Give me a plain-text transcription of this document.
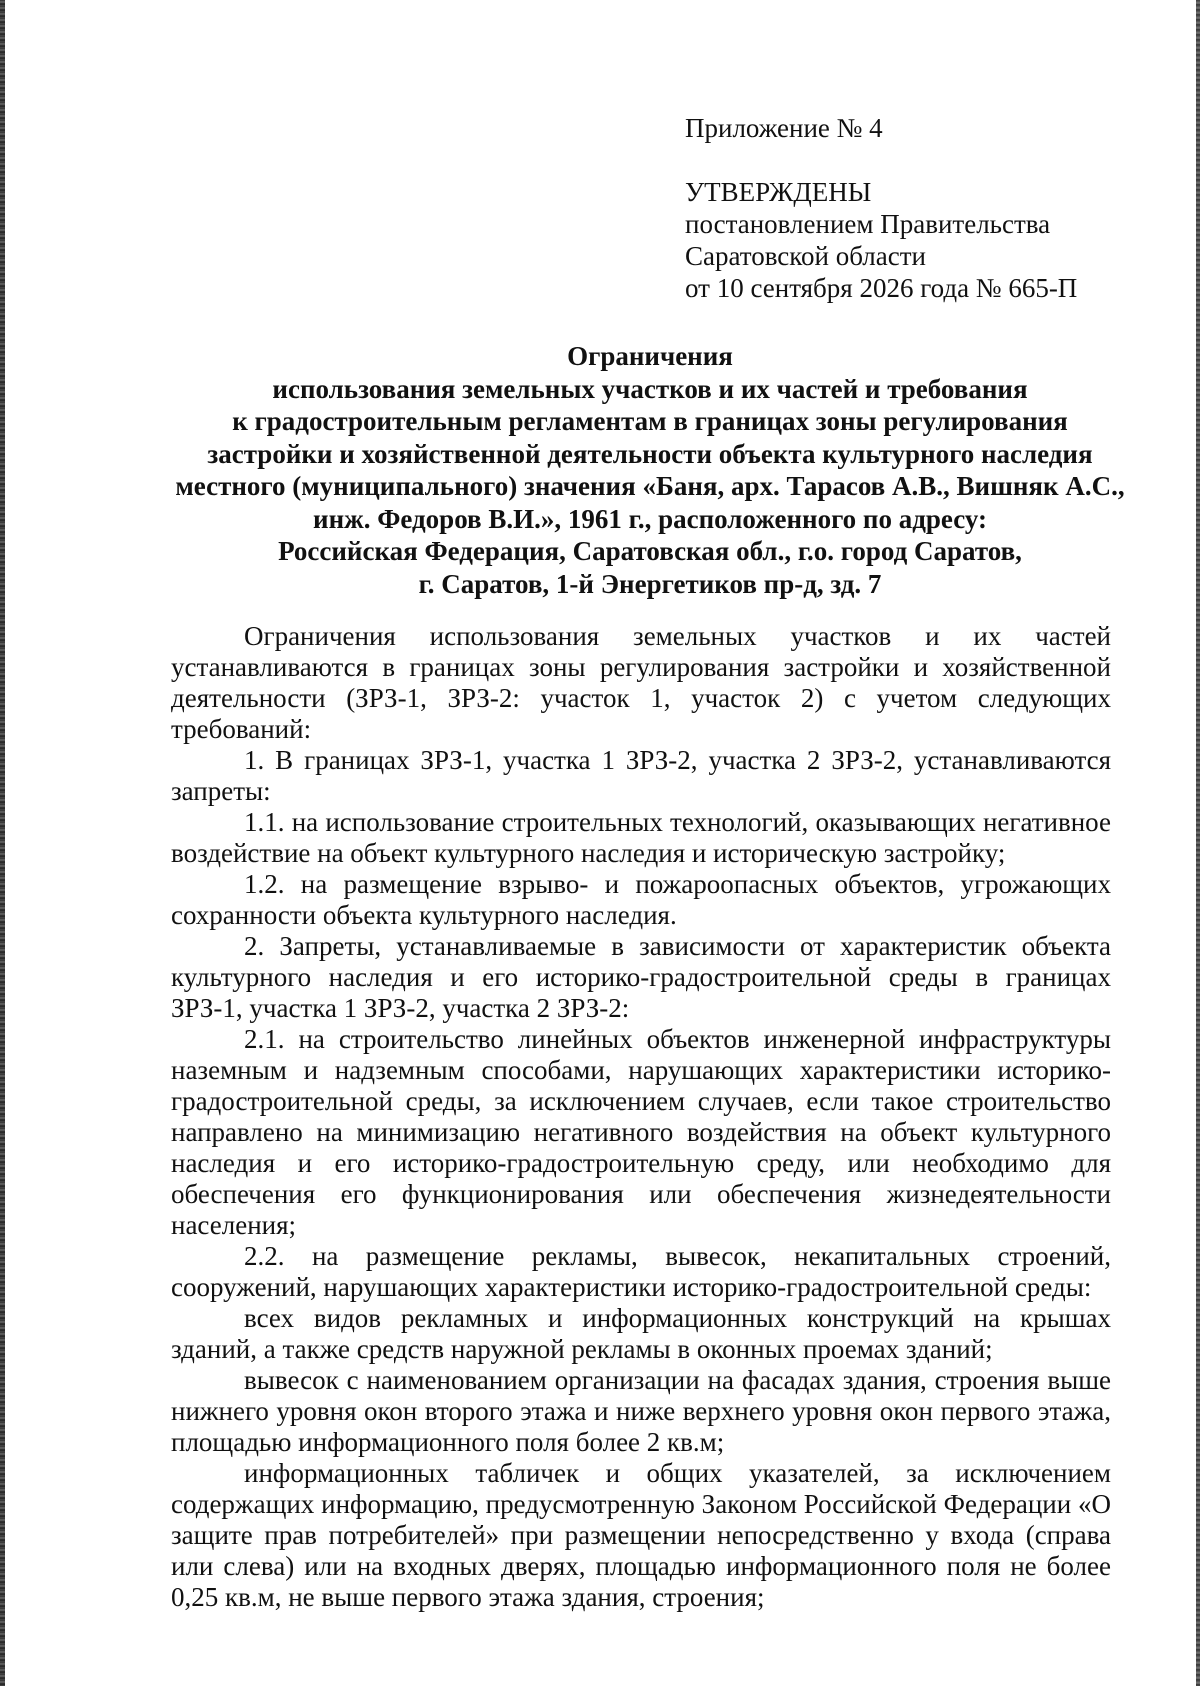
Приложение № 4
УТВЕРЖДЕНЫ
постановлением Правительства
Саратовской области
от 10 сентября 2026 года № 665-П
Ограничения
использования земельных участков и их частей и требования
к градостроительным регламентам в границах зоны регулирования
застройки и хозяйственной деятельности объекта культурного наследия
местного (муниципального) значения «Баня, арх. Тарасов А.В., Вишняк А.С.,
инж. Федоров В.И.», 1961 г., расположенного по адресу:
Российская Федерация, Саратовская обл., г.о. город Саратов,
г. Саратов, 1-й Энергетиков пр-д, зд. 7

Ограничения использования земельных участков и их частей устанавливаются в границах зоны регулирования застройки и хозяйственной деятельности (ЗРЗ-1, ЗРЗ-2: участок 1, участок 2) с учетом следующих требований:

1. В границах ЗРЗ-1, участка 1 ЗРЗ-2, участка 2 ЗРЗ-2, устанавливаются запреты:

1.1. на использование строительных технологий, оказывающих негативное воздействие на объект культурного наследия и историческую застройку;

1.2. на размещение взрыво- и пожароопасных объектов, угрожающих сохранности объекта культурного наследия.

2. Запреты, устанавливаемые в зависимости от характеристик объекта культурного наследия и его историко-градостроительной среды в границах ЗРЗ-1, участка 1 ЗРЗ-2, участка 2 ЗРЗ-2:

2.1. на строительство линейных объектов инженерной инфраструктуры наземным и надземным способами, нарушающих характеристики историко-градостроительной среды, за исключением случаев, если такое строительство направлено на минимизацию негативного воздействия на объект культурного наследия и его историко-градостроительную среду, или необходимо для обеспечения его функционирования или обеспечения жизнедеятельности населения;

2.2. на размещение рекламы, вывесок, некапитальных строений, сооружений, нарушающих характеристики историко-градостроительной среды:

всех видов рекламных и информационных конструкций на крышах зданий, а также средств наружной рекламы в оконных проемах зданий;

вывесок с наименованием организации на фасадах здания, строения выше нижнего уровня окон второго этажа и ниже верхнего уровня окон первого этажа, площадью информационного поля более 2 кв.м;

информационных табличек и общих указателей, за исключением содержащих информацию, предусмотренную Законом Российской Федерации «О защите прав потребителей» при размещении непосредственно у входа (справа или слева) или на входных дверях, площадью информационного поля не более 0,25 кв.м, не выше первого этажа здания, строения;
